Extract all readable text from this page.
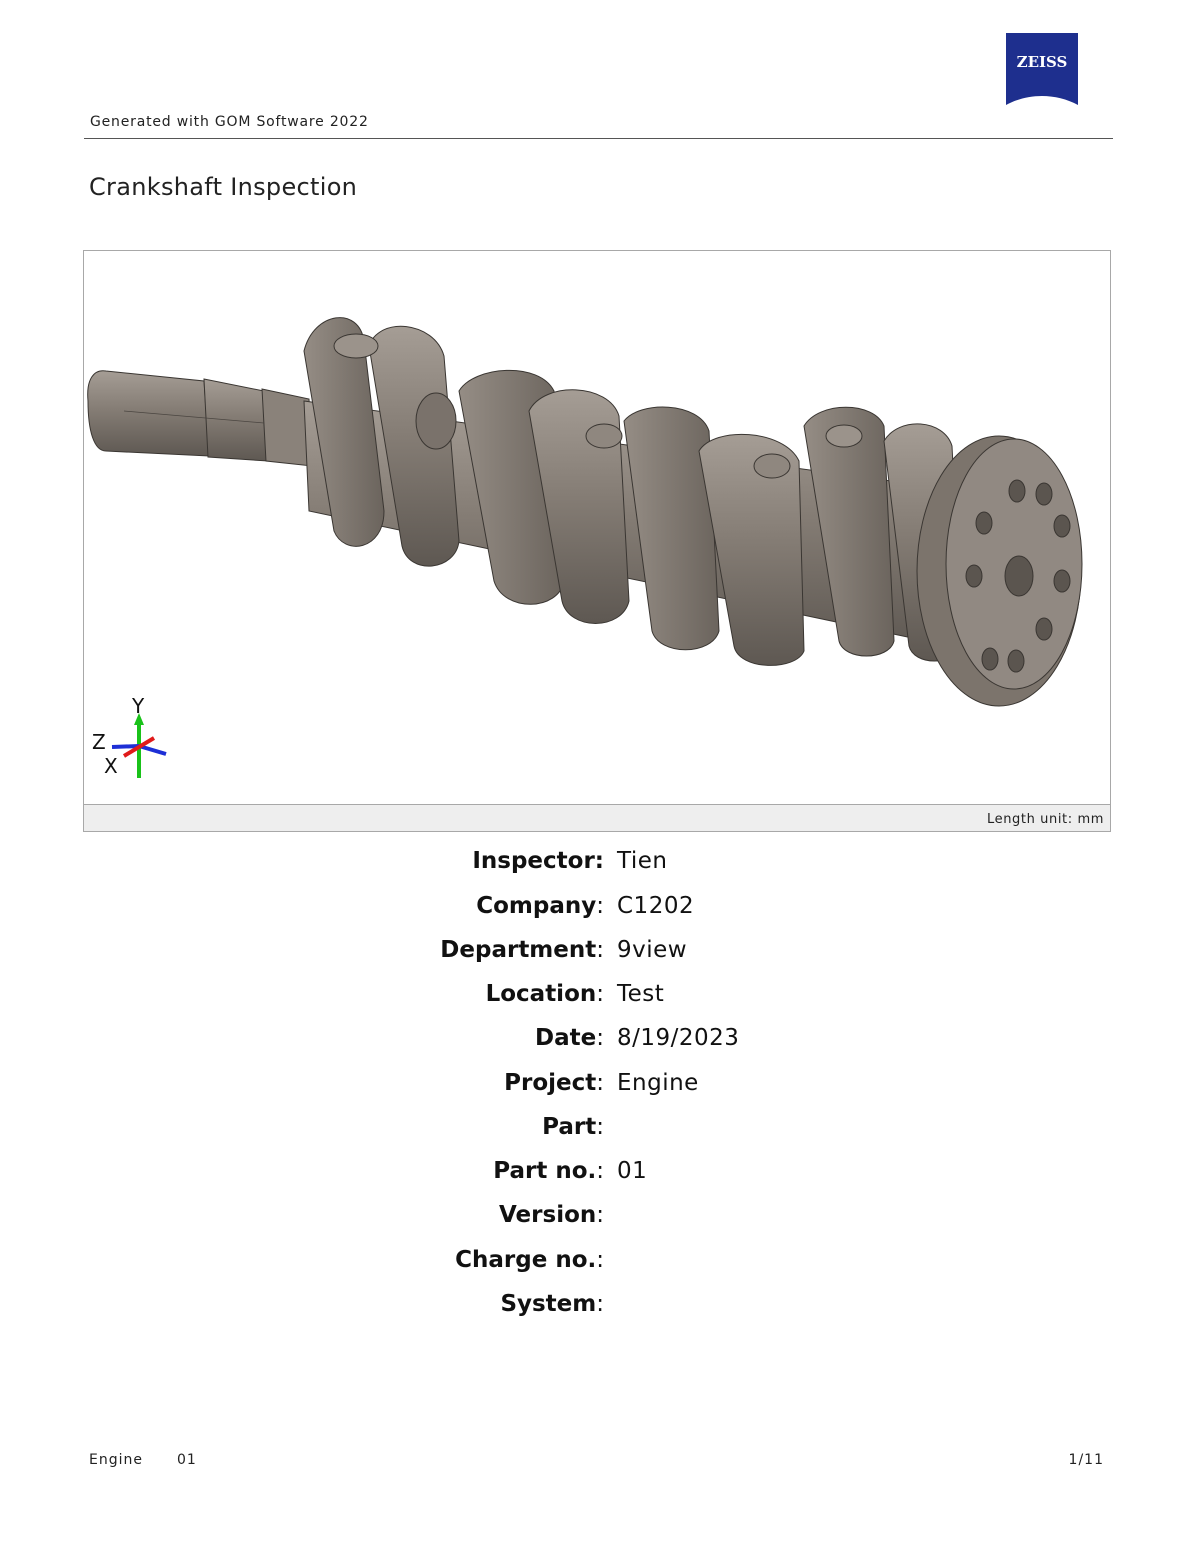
Generated with GOM Software 2022
ZEISS
Crankshaft Inspection
Y
Z
X
Length unit: mm
Inspector: Tien
Company: C1202
Department: 9view
Location: Test
Date: 8/19/2023
Project: Engine
Part:
Part no.: 01
Version:
Charge no.:
System:
Engine 01	1/11
